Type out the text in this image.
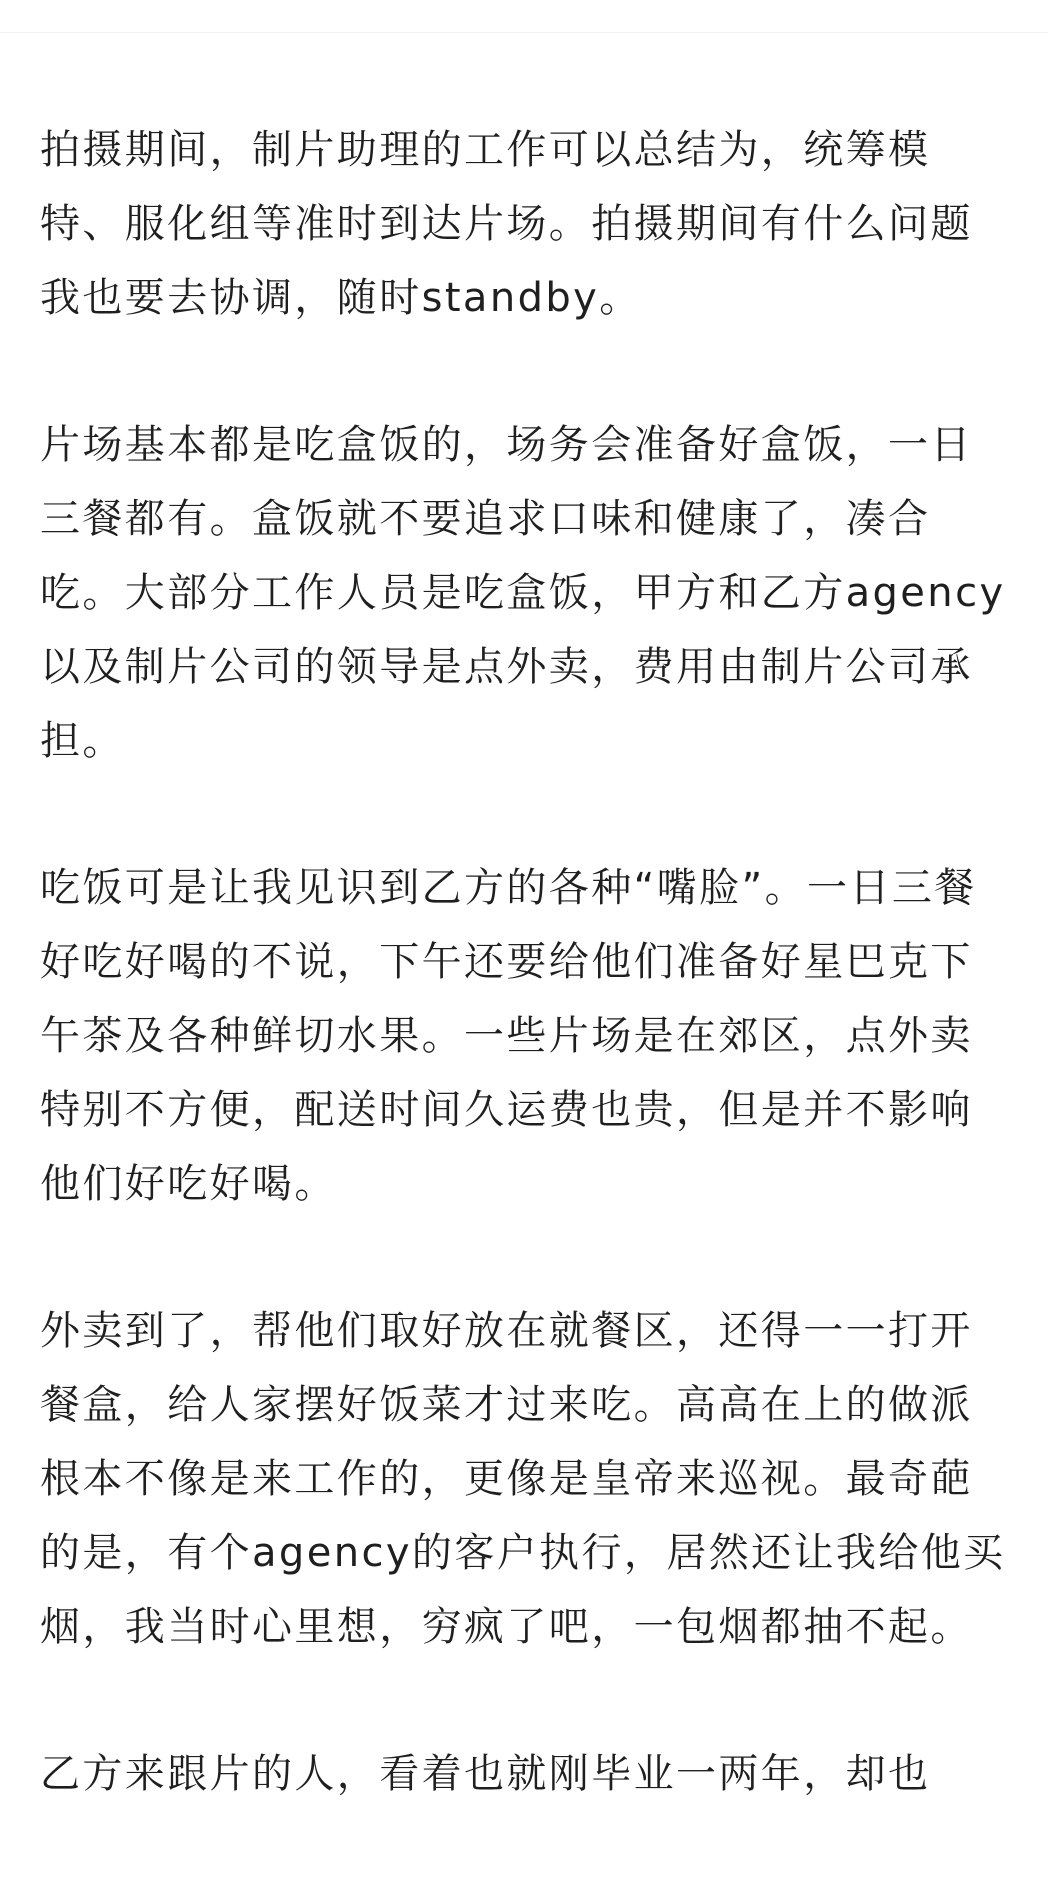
拍摄期间，制片助理的工作可以总结为，统筹模特、服化组等准时到达片场。拍摄期间有什么问题我也要去协调，随时standby。

片场基本都是吃盒饭的，场务会准备好盒饭，一日三餐都有。盒饭就不要追求口味和健康了，凑合吃。大部分工作人员是吃盒饭，甲方和乙方agency以及制片公司的领导是点外卖，费用由制片公司承担。

吃饭可是让我见识到乙方的各种“嘴脸”。一日三餐好吃好喝的不说，下午还要给他们准备好星巴克下午茶及各种鲜切水果。一些片场是在郊区，点外卖特别不方便，配送时间久运费也贵，但是并不影响他们好吃好喝。

外卖到了，帮他们取好放在就餐区，还得一一打开餐盒，给人家摆好饭菜才过来吃。高高在上的做派根本不像是来工作的，更像是皇帝来巡视。最奇葩的是，有个agency的客户执行，居然还让我给他买烟，我当时心里想，穷疯了吧，一包烟都抽不起。

乙方来跟片的人，看着也就刚毕业一两年，却也
